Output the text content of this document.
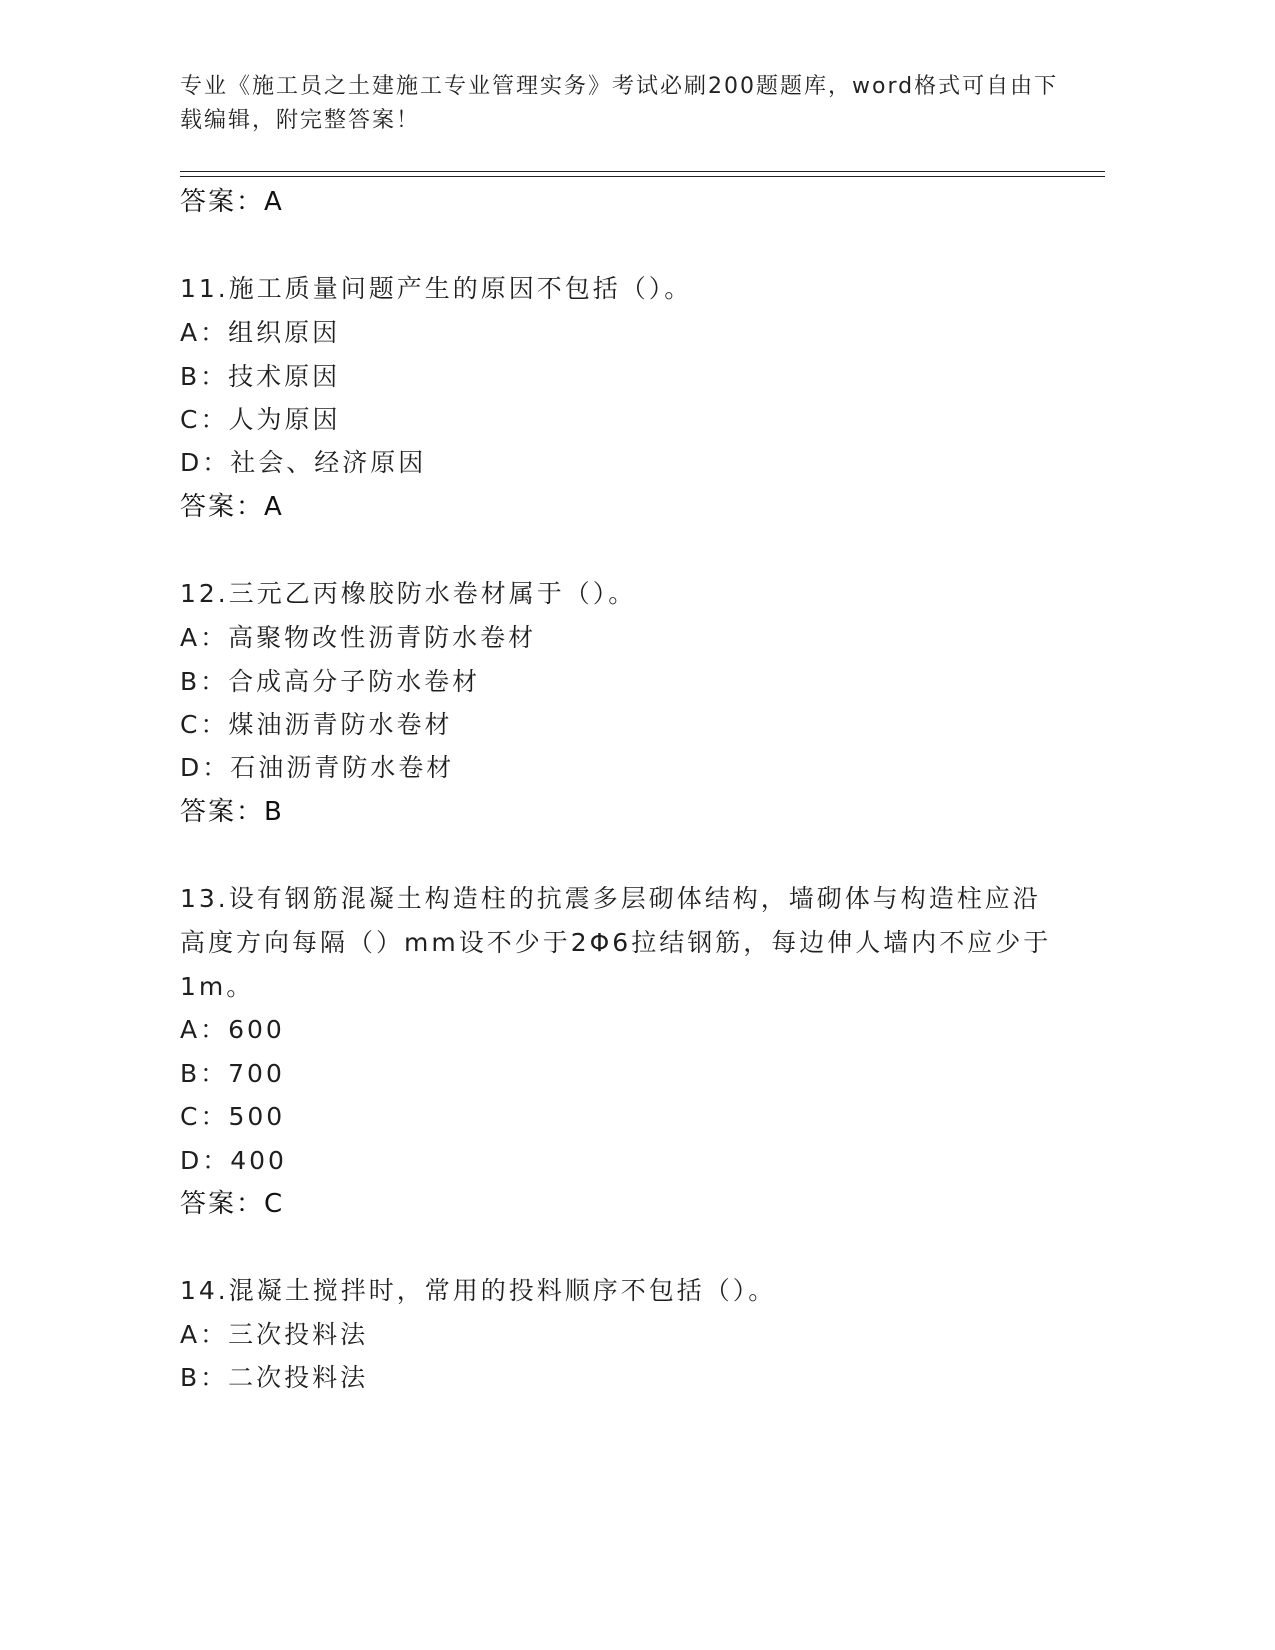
专业《施工员之土建施工专业管理实务》考试必刷200题题库，word格式可自由下载编辑，附完整答案！
答案：A
11.施工质量问题产生的原因不包括（）。
A：组织原因
B：技术原因
C：人为原因
D：社会、经济原因
答案：A
12.三元乙丙橡胶防水卷材属于（）。
A：高聚物改性沥青防水卷材
B：合成高分子防水卷材
C：煤油沥青防水卷材
D：石油沥青防水卷材
答案：B
13.设有钢筋混凝土构造柱的抗震多层砌体结构，墙砌体与构造柱应沿高度方向每隔（）mm设不少于2Φ6拉结钢筋，每边伸人墙内不应少于1m。
A：600
B：700
C：500
D：400
答案：C
14.混凝土搅拌时，常用的投料顺序不包括（）。
A：三次投料法
B：二次投料法
